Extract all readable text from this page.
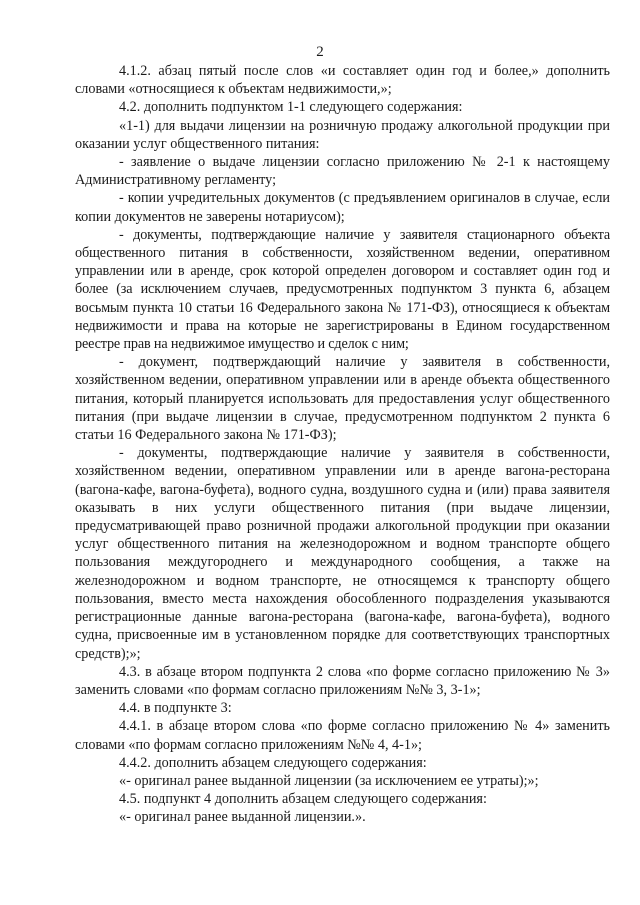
2

4.1.2. абзац пятый после слов «и составляет один год и более,» дополнить словами «относящиеся к объектам недвижимости,»;

4.2. дополнить подпунктом 1-1 следующего содержания:

«1-1) для выдачи лицензии на розничную продажу алкогольной продукции при оказании услуг общественного питания:

- заявление о выдаче лицензии согласно приложению № 2-1 к настоящему Административному регламенту;

- копии учредительных документов (с предъявлением оригиналов в случае, если копии документов не заверены нотариусом);

- документы, подтверждающие наличие у заявителя стационарного объекта общественного питания в собственности, хозяйственном ведении, оперативном управлении или в аренде, срок которой определен договором и составляет один год и более (за исключением случаев, предусмотренных подпунктом 3 пункта 6, абзацем восьмым пункта 10 статьи 16 Федерального закона № 171-ФЗ), относящиеся к объектам недвижимости и права на которые не зарегистрированы в Едином государственном реестре прав на недвижимое имущество и сделок с ним;

- документ, подтверждающий наличие у заявителя в собственности, хозяйственном ведении, оперативном управлении или в аренде объекта общественного питания, который планируется использовать для предоставления услуг общественного питания (при выдаче лицензии в случае, предусмотренном подпунктом 2 пункта 6 статьи 16 Федерального закона № 171-ФЗ);

- документы, подтверждающие наличие у заявителя в собственности, хозяйственном ведении, оперативном управлении или в аренде вагона-ресторана (вагона-кафе, вагона-буфета), водного судна, воздушного судна и (или) права заявителя оказывать в них услуги общественного питания (при выдаче лицензии, предусматривающей право розничной продажи алкогольной продукции при оказании услуг общественного питания на железнодорожном и водном транспорте общего пользования междугороднего и международного сообщения, а также на железнодорожном и водном транспорте, не относящемся к транспорту общего пользования, вместо места нахождения обособленного подразделения указываются регистрационные данные вагона-ресторана (вагона-кафе, вагона-буфета), водного судна, присвоенные им в установленном порядке для соответствующих транспортных средств);»;

4.3. в абзаце втором подпункта 2 слова «по форме согласно приложению № 3» заменить словами «по формам согласно приложениям №№ 3, 3-1»;

4.4. в подпункте 3:

4.4.1. в абзаце втором слова «по форме согласно приложению № 4» заменить словами «по формам согласно приложениям №№ 4, 4-1»;

4.4.2. дополнить абзацем следующего содержания:

«- оригинал ранее выданной лицензии (за исключением ее утраты);»;

4.5. подпункт 4 дополнить абзацем следующего содержания:

«- оригинал ранее выданной лицензии.».
